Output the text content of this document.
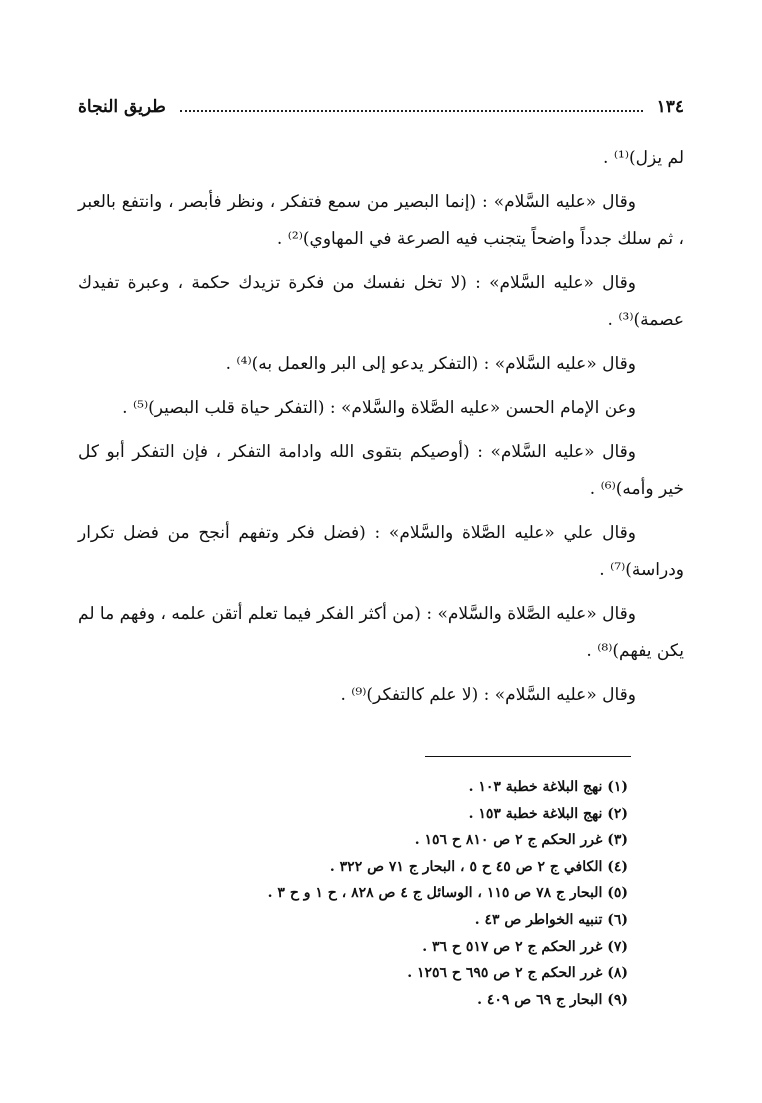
١٣٤
طريق النجاة

لم يزل)⁽¹⁾ .

وقال «عليه السَّلام» : (إنما البصير من سمع فتفكر ، ونظر فأبصر ، وانتفع بالعبر ، ثم سلك جدداً واضحاً يتجنب فيه الصرعة في المهاوي)⁽²⁾ .

وقال «عليه السَّلام» : (لا تخل نفسك من فكرة تزيدك حكمة ، وعبرة تفيدك عصمة)⁽³⁾ .

وقال «عليه السَّلام» : (التفكر يدعو إلى البر والعمل به)⁽⁴⁾ .

وعن الإمام الحسن «عليه الصَّلاة والسَّلام» : (التفكر حياة قلب البصير)⁽⁵⁾ .

وقال «عليه السَّلام» : (أوصيكم بتقوى الله وادامة التفكر ، فإن التفكر أبو كل خير وأمه)⁽⁶⁾ .

وقال علي «عليه الصَّلاة والسَّلام» : (فضل فكر وتفهم أنجح من فضل تكرار ودراسة)⁽⁷⁾ .

وقال «عليه الصَّلاة والسَّلام» : (من أكثر الفكر فيما تعلم أتقن علمه ، وفهم ما لم يكن يفهم)⁽⁸⁾ .

وقال «عليه السَّلام» : (لا علم كالتفكر)⁽⁹⁾ .

(١) نهج البلاغة خطبة ١٠٣ .

(٢) نهج البلاغة خطبة ١٥٣ .

(٣) غرر الحكم ج ٢ ص ٨١٠ ح ١٥٦ .

(٤) الكافي ج ٢ ص ٤٥ ح ٥ ، البحار ج ٧١ ص ٣٢٢ .

(٥) البحار ج ٧٨ ص ١١٥ ، الوسائل ج ٤ ص ٨٢٨ ، ح ١ و ح ٣ .

(٦) تنبيه الخواطر ص ٤٣ .

(٧) غرر الحكم ج ٢ ص ٥١٧ ح ٣٦ .

(٨) غرر الحكم ج ٢ ص ٦٩٥ ح ١٢٥٦ .

(٩) البحار ج ٦٩ ص ٤٠٩ .
